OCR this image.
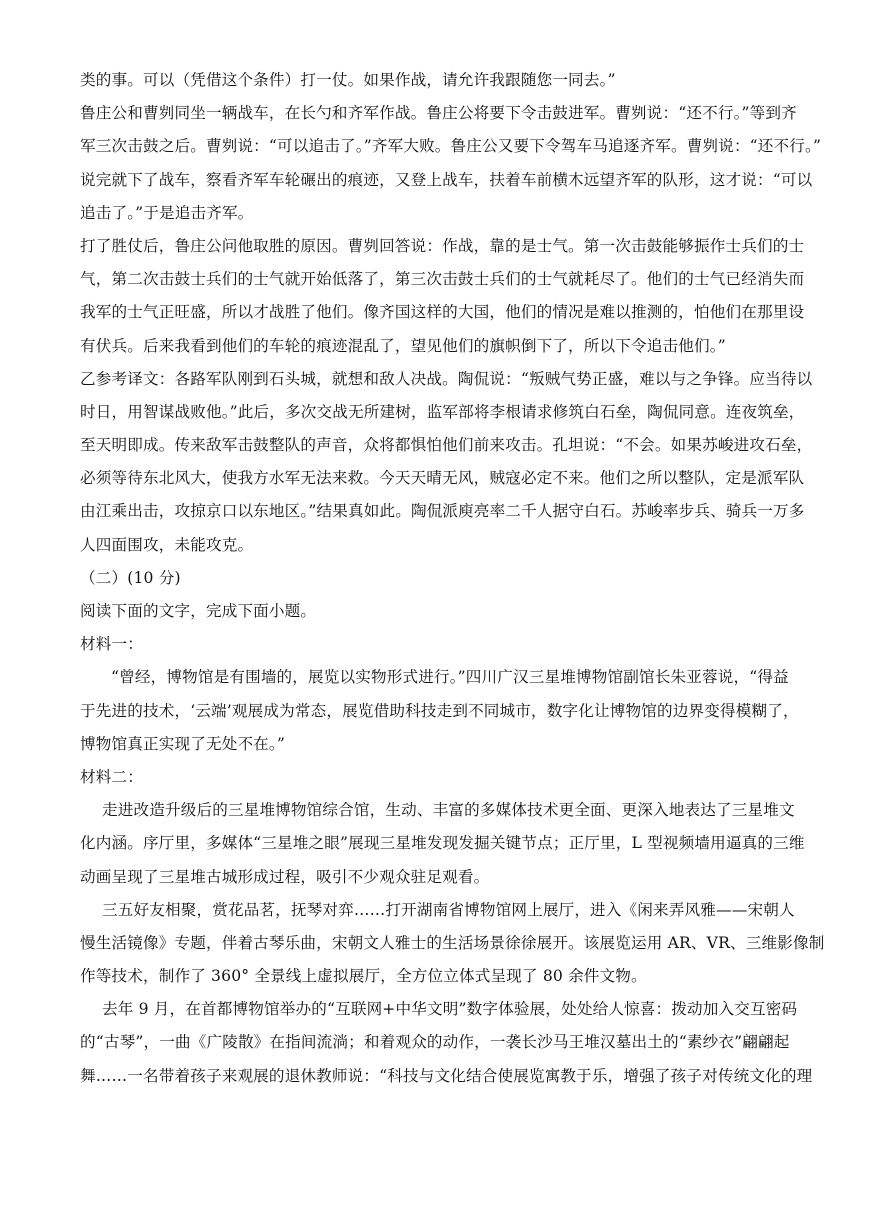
类的事。可以（凭借这个条件）打一仗。如果作战，请允许我跟随您一同去。”
鲁庄公和曹刿同坐一辆战车，在长勺和齐军作战。鲁庄公将要下令击鼓进军。曹刿说：“还不行。”等到齐
军三次击鼓之后。曹刿说：“可以追击了。”齐军大败。鲁庄公又要下令驾车马追逐齐军。曹刿说：“还不行。”
说完就下了战车，察看齐军车轮碾出的痕迹，又登上战车，扶着车前横木远望齐军的队形，这才说：“可以
追击了。”于是追击齐军。
打了胜仗后，鲁庄公问他取胜的原因。曹刿回答说：作战，靠的是士气。第一次击鼓能够振作士兵们的士
气，第二次击鼓士兵们的士气就开始低落了，第三次击鼓士兵们的士气就耗尽了。他们的士气已经消失而
我军的士气正旺盛，所以才战胜了他们。像齐国这样的大国，他们的情况是难以推测的，怕他们在那里设
有伏兵。后来我看到他们的车轮的痕迹混乱了，望见他们的旗帜倒下了，所以下令追击他们。”
乙参考译文：各路军队刚到石头城，就想和敌人决战。陶侃说：“叛贼气势正盛，难以与之争锋。应当待以
时日，用智谋战败他。”此后，多次交战无所建树，监军部将李根请求修筑白石垒，陶侃同意。连夜筑垒，
至天明即成。传来敌军击鼓整队的声音，众将都惧怕他们前来攻击。孔坦说：“不会。如果苏峻进攻石垒，
必须等待东北风大，使我方水军无法来救。今天天晴无风，贼寇必定不来。他们之所以整队，定是派军队
由江乘出击，攻掠京口以东地区。”结果真如此。陶侃派庾亮率二千人据守白石。苏峻率步兵、骑兵一万多
人四面围攻，未能攻克。
（二）(10 分)
阅读下面的文字，完成下面小题。
材料一：
“曾经，博物馆是有围墙的，展览以实物形式进行。”四川广汉三星堆博物馆副馆长朱亚蓉说，“得益
于先进的技术，‘云端’观展成为常态，展览借助科技走到不同城市，数字化让博物馆的边界变得模糊了，
博物馆真正实现了无处不在。”
材料二：
走进改造升级后的三星堆博物馆综合馆，生动、丰富的多媒体技术更全面、更深入地表达了三星堆文
化内涵。序厅里，多媒体“三星堆之眼”展现三星堆发现发掘关键节点；正厅里，L 型视频墙用逼真的三维
动画呈现了三星堆古城形成过程，吸引不少观众驻足观看。
三五好友相聚，赏花品茗，抚琴对弈……打开湖南省博物馆网上展厅，进入《闲来弄风雅——宋朝人
慢生活镜像》专题，伴着古琴乐曲，宋朝文人雅士的生活场景徐徐展开。该展览运用 AR、VR、三维影像制
作等技术，制作了 360° 全景线上虚拟展厅，全方位立体式呈现了 80 余件文物。
去年 9 月，在首都博物馆举办的“互联网+中华文明”数字体验展，处处给人惊喜：拨动加入交互密码
的“古琴”，一曲《广陵散》在指间流淌；和着观众的动作，一袭长沙马王堆汉墓出土的“素纱衣”翩翩起
舞……一名带着孩子来观展的退休教师说：“科技与文化结合使展览寓教于乐，增强了孩子对传统文化的理
